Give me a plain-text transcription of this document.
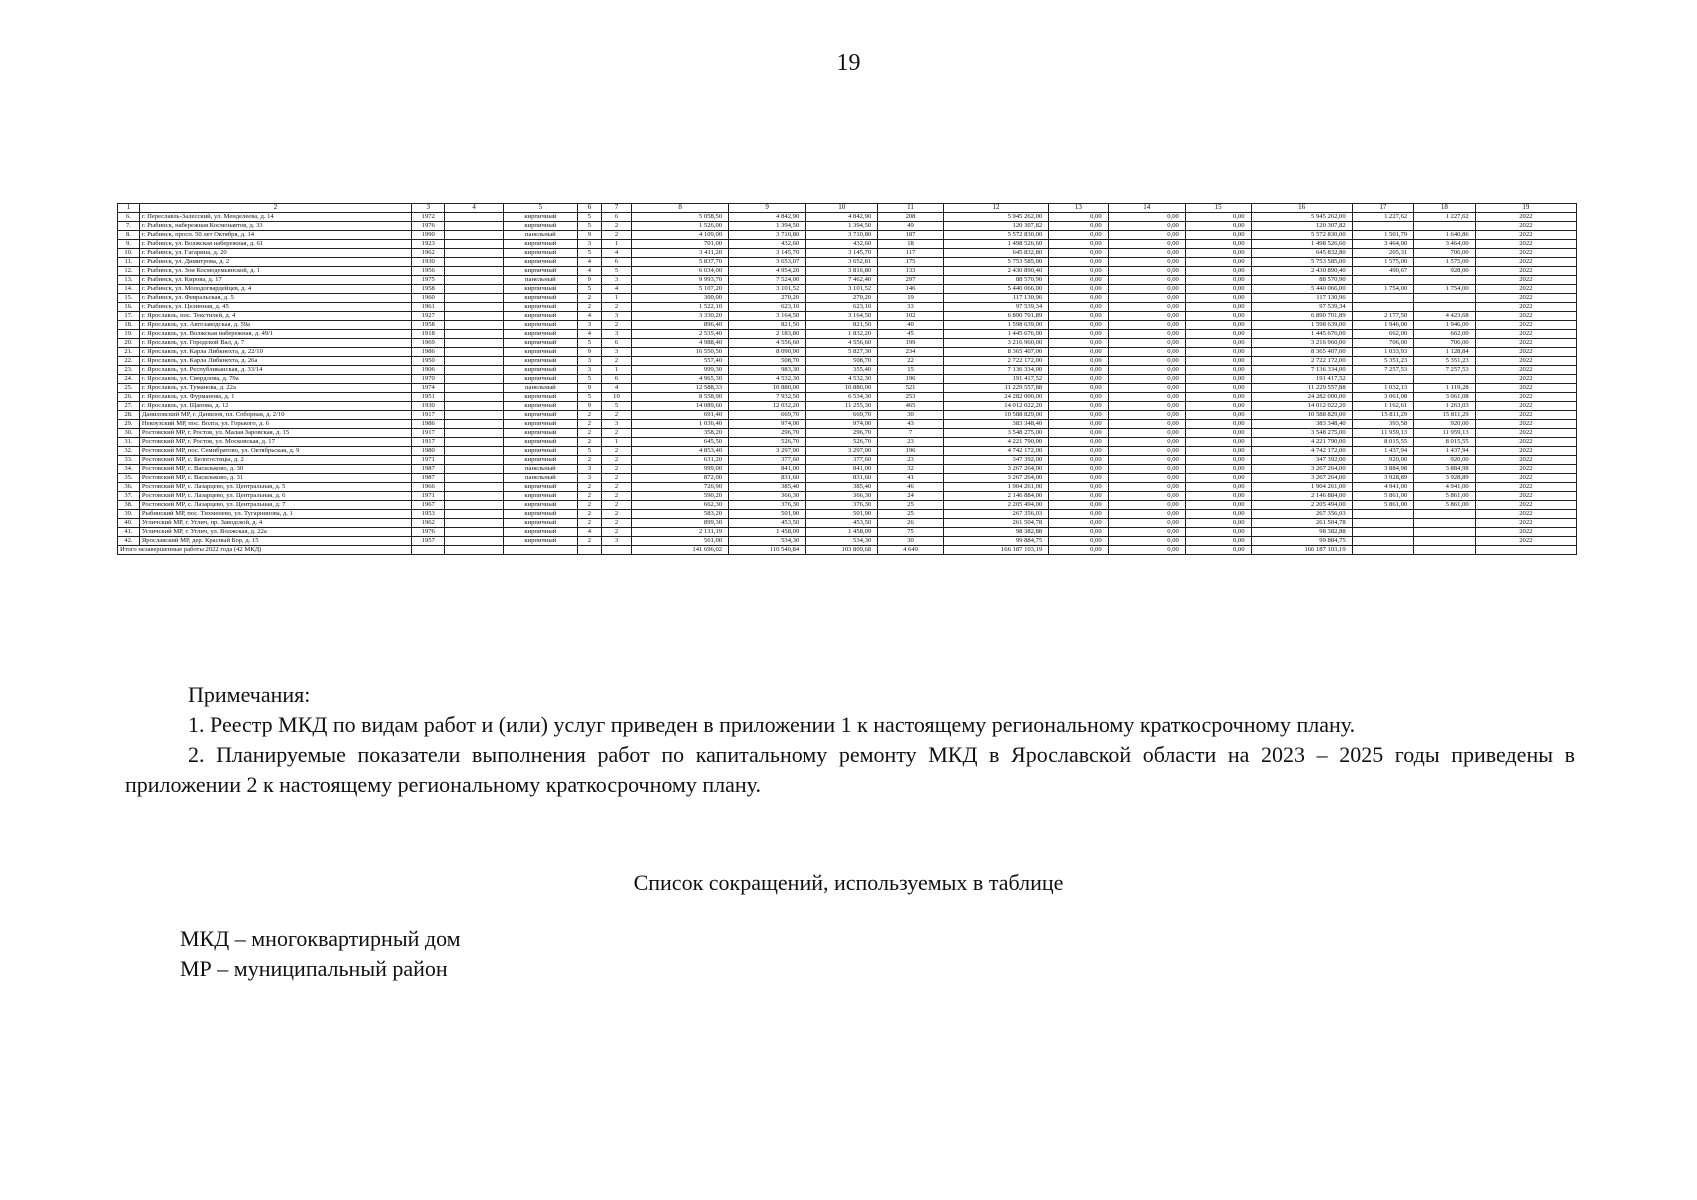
19
1	2	3	4	5	6	7	8	9	10	11	12	13	14	15	16	17	18	19
6.	г. Переславль-Залесский, ул. Менделеева, д. 14	1972		кирпичный	5	6	5 058,50	4 842,90	4 842,90	208	5 945 262,00	0,00	0,00	0,00	5 945 262,00	1 227,62	1 227,62	2022
7.	г. Рыбинск, набережная Космонавтов, д. 33	1976		кирпичный	5	2	1 526,00	1 394,50	1 394,50	49	120 307,82	0,00	0,00	0,00	120 307,82			2022
8.	г. Рыбинск, просп. 50 лет Октября, д. 14	1990		панельный	9	2	4 109,00	3 710,80	3 710,80	187	5 572 830,00	0,00	0,00	0,00	5 572 830,00	1 501,79	1 640,86	2022
9.	г. Рыбинск, ул. Волжская набережная, д. 61	1923		кирпичный	3	1	701,00	432,60	432,60	18	1 498 526,60	0,00	0,00	0,00	1 498 526,60	3 464,00	3 464,00	2022
10.	г. Рыбинск, ул. Гагарина, д. 20	1962		кирпичный	5	4	3 411,20	3 145,70	3 145,70	117	645 832,80	0,00	0,00	0,00	645 832,80	205,31	706,00	2022
11.	г. Рыбинск, ул. Димитрова, д. 2	1930		кирпичный	4	6	5 837,70	3 653,07	3 652,81	175	5 753 585,00	0,00	0,00	0,00	5 753 585,00	1 575,00	1 575,00	2022
12.	г. Рыбинск, ул. Зои Космодемьянской, д. 1	1956		кирпичный	4	5	6 034,00	4 954,20	3 816,80	133	2 430 890,40	0,00	0,00	0,00	2 430 890,40	490,67	928,00	2022
13.	г. Рыбинск, ул. Кирова, д. 17	1975		панельный	9	3	9 993,70	7 524,00	7 462,40	297	88 570,90	0,00	0,00	0,00	88 570,90			2022
14.	г. Рыбинск, ул. Молодогвардейцев, д. 4	1958		кирпичный	5	4	5 107,20	3 101,52	3 101,52	146	5 440 066,00	0,00	0,00	0,00	5 440 066,00	1 754,00	1 754,00	2022
15.	г. Рыбинск, ул. Февральская, д. 5	1960		кирпичный	2	1	300,00	270,20	270,20	19	117 130,96	0,00	0,00	0,00	117 130,96			2022
16.	г. Рыбинск, ул. Целинная, д. 45	1961		кирпичный	2	2	1 522,10	623,10	623,10	33	97 539,34	0,00	0,00	0,00	97 539,34			2022
17.	г. Ярославль, пос. Текстилей, д. 4	1927		кирпичный	4	3	3 330,20	3 164,50	3 164,50	102	6 890 701,89	0,00	0,00	0,00	6 890 701,89	2 177,50	4 423,68	2022
18.	г. Ярославль, ул. Автозаводская, д. 59а	1958		кирпичный	3	2	896,40	821,50	821,50	40	1 598 639,00	0,00	0,00	0,00	1 598 639,00	1 946,00	1 946,00	2022
19.	г. Ярославль, ул. Волжская набережная, д. 49/1	1918		кирпичный	4	3	2 535,40	2 183,80	1 832,20	45	1 445 676,00	0,00	0,00	0,00	1 445 676,00	662,00	662,00	2022
20.	г. Ярославль, ул. Городской Вал, д. 7	1969		кирпичный	5	6	4 988,40	4 556,60	4 556,60	199	3 216 960,00	0,00	0,00	0,00	3 216 960,00	706,00	706,00	2022
21.	г. Ярославль, ул. Карла Либкнехта, д. 22/10	1986		кирпичный	9	3	16 550,50	8 090,90	5 827,30	234	8 365 407,00	0,00	0,00	0,00	8 365 407,00	1 033,93	1 128,84	2022
22.	г. Ярославль, ул. Карла Либкнехта, д. 26а	1950		кирпичный	3	2	557,40	508,70	508,70	22	2 722 172,00	0,00	0,00	0,00	2 722 172,00	5 351,23	5 351,23	2022
23.	г. Ярославль, ул. Республиканская, д. 33/14	1906		кирпичный	3	1	999,30	983,30	355,40	15	7 136 334,00	0,00	0,00	0,00	7 136 334,00	7 257,53	7 257,53	2022
24.	г. Ярославль, ул. Свердлова, д. 79а	1970		кирпичный	5	6	4 965,30	4 532,30	4 532,30	196	191 417,52	0,00	0,00	0,00	191 417,52			2022
25.	г. Ярославль, ул. Туманова, д. 22а	1974		панельный	9	4	12 588,33	10 880,00	10 880,00	521	11 229 557,88	0,00	0,00	0,00	11 229 557,88	1 032,13	1 119,28	2022
26.	г. Ярославль, ул. Фурманова, д. 1	1951		кирпичный	5	10	8 558,90	7 932,50	6 534,30	253	24 282 000,00	0,00	0,00	0,00	24 282 000,00	3 061,08	3 061,08	2022
27.	г. Ярославль, ул. Щапова, д. 12	1930		кирпичный	9	5	14 089,60	12 032,20	11 255,30	465	14 012 022,20	0,00	0,00	0,00	14 012 022,20	1 162,61	1 263,03	2022
28.	Даниловский МР, г. Данилов, пл. Соборная, д. 2/10	1917		кирпичный	2	2	691,40	669,70	669,70	30	10 588 829,00	0,00	0,00	0,00	10 588 829,00	15 811,29	15 811,29	2022
29.	Некоузский МР, пос. Волга, ул. Горького, д. 6	1986		кирпичный	2	3	1 036,40	974,00	974,00	43	383 348,40	0,00	0,00	0,00	383 348,40	393,58	920,00	2022
30.	Ростовский МР, г. Ростов, ул. Малая Заровская, д. 15	1917		кирпичный	2	2	358,20	296,70	296,70	7	3 548 275,00	0,00	0,00	0,00	3 548 275,00	11 959,13	11 959,13	2022
31.	Ростовский МР, г. Ростов, ул. Московская, д. 17	1917		кирпичный	2	1	645,50	526,70	526,70	23	4 221 790,00	0,00	0,00	0,00	4 221 790,00	8 015,55	8 015,55	2022
32.	Ростовский МР, пос. Семибратово, ул. Октябрьская, д. 9	1980		кирпичный	5	2	4 853,40	3 297,90	3 297,90	196	4 742 172,00	0,00	0,00	0,00	4 742 172,00	1 437,94	1 437,94	2022
33.	Ростовский МР, с. Белогостицы, д. 2	1971		кирпичный	2	2	631,20	377,60	377,60	23	347 392,00	0,00	0,00	0,00	347 392,00	920,00	920,00	2022
34.	Ростовский МР, с. Васильково, д. 30	1987		панельный	3	2	999,00	841,00	841,00	32	3 267 264,00	0,00	0,00	0,00	3 267 264,00	3 884,98	3 884,98	2022
35.	Ростовский МР, с. Васильково, д. 31	1987		панельный	3	2	872,00	831,60	831,60	41	3 267 264,00	0,00	0,00	0,00	3 267 264,00	3 928,89	3 928,89	2022
36.	Ростовский МР, с. Лазарцево, ул. Центральная, д. 5	1966		кирпичный	2	2	726,90	385,40	385,40	46	1 904 261,00	0,00	0,00	0,00	1 904 261,00	4 941,00	4 941,00	2022
37.	Ростовский МР, с. Лазарцево, ул. Центральная, д. 6	1971		кирпичный	2	2	590,20	366,30	366,30	24	2 146 884,00	0,00	0,00	0,00	2 146 884,00	5 861,00	5 861,00	2022
38.	Ростовский МР, с. Лазарцево, ул. Центральная, д. 7	1967		кирпичный	2	2	662,30	376,30	376,30	25	2 205 494,00	0,00	0,00	0,00	2 205 494,00	5 861,00	5 861,00	2022
39.	Рыбинский МР, пос. Тихменево, ул. Тугарнинова, д. 1	1953		кирпичный	2	2	583,20	501,90	501,90	25	267 356,03	0,00	0,00	0,00	267 356,03			2022
40.	Угличский МР, г. Углич, пр. Заводской, д. 4	1962		кирпичный	2	2	899,30	453,50	453,50	26	261 504,78	0,00	0,00	0,00	261 504,78			2022
41.	Угличский МР, г. Углич, ул. Волжская, д. 22а	1976		кирпичный	4	2	2 131,19	1 458,09	1 458,09	75	98 382,88	0,00	0,00	0,00	98 382,88			2022
42.	Ярославский МР, дер. Красный Бор, д. 15	1957		кирпичный	2	3	561,00	534,30	534,30	30	99 884,75	0,00	0,00	0,00	99 884,75			2022
Итого незавершенные работы 2022 года (42 МКД)							141 696,02	110 540,84	103 809,68	4 649	166 187 103,19	0,00	0,00	0,00	166 187 103,19			
Примечания:

1. Реестр МКД по видам работ и (или) услуг приведен в приложении 1 к настоящему региональному краткосрочному плану.

2. Планируемые показатели выполнения работ по капитальному ремонту МКД в Ярославской области на 2023 – 2025 годы приведены в приложении 2 к настоящему региональному краткосрочному плану.

Список сокращений, используемых в таблице
МКД – многоквартирный дом
МР – муниципальный район
